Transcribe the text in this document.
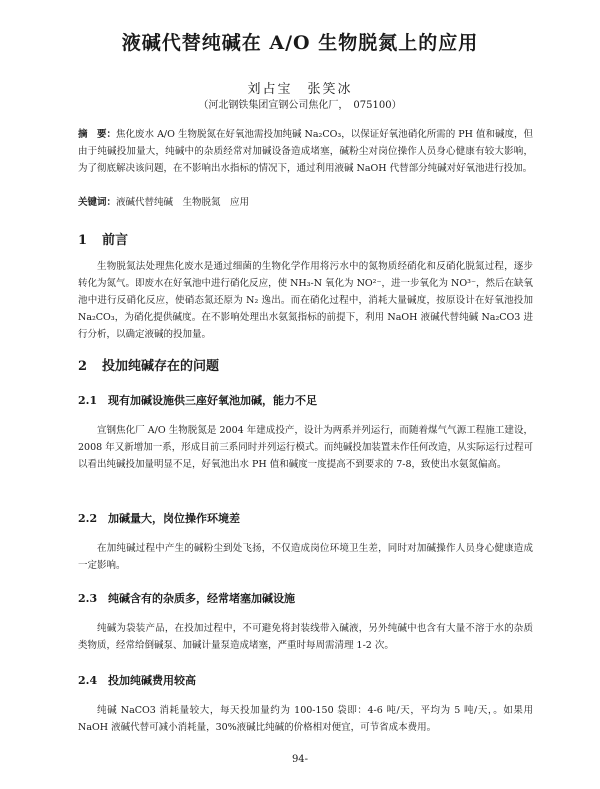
液碱代替纯碱在 A/O 生物脱氮上的应用
刘占宝　张笑冰
（河北钢铁集团宣钢公司焦化厂，　075100）
摘　要：焦化废水 A/O 生物脱氮在好氧池需投加纯碱 Na₂CO₃，以保证好氧池硝化所需的 PH 值和碱度，但由于纯碱投加量大，纯碱中的杂质经常对加碱设备造成堵塞，碱粉尘对岗位操作人员身心健康有较大影响，为了彻底解决该问题，在不影响出水指标的情况下，通过利用液碱 NaOH 代替部分纯碱对好氧池进行投加。
关键词：液碱代替纯碱　生物脱氮　应用
1 前言
生物脱氮法处理焦化废水是通过细菌的生物化学作用将污水中的氮物质经硝化和反硝化脱氮过程，逐步转化为氮气。即废水在好氧池中进行硝化反应，使 NH₃-N 氧化为 NO²⁻，进一步氧化为 NO³⁻，然后在缺氧池中进行反硝化反应，使硝态氮还原为 N₂ 逸出。而在硝化过程中，消耗大量碱度，按原设计在好氧池投加 Na₂CO₃，为硝化提供碱度。在不影响处理出水氨氮指标的前提下，利用 NaOH 液碱代替纯碱 Na₂CO3 进行分析，以确定液碱的投加量。
2 投加纯碱存在的问题
2.1 现有加碱设施供三座好氧池加碱，能力不足
宣钢焦化厂 A/O 生物脱氮是 2004 年建成投产，设计为两系并列运行，而随着煤气气源工程施工建设，2008 年又新增加一系，形成目前三系同时并列运行模式。而纯碱投加装置未作任何改造，从实际运行过程可以看出纯碱投加量明显不足，好氧池出水 PH 值和碱度一度提高不到要求的 7-8，致使出水氨氮偏高。
2.2 加碱量大，岗位操作环境差
在加纯碱过程中产生的碱粉尘到处飞扬，不仅造成岗位环境卫生差，同时对加碱操作人员身心健康造成一定影响。
2.3 纯碱含有的杂质多，经常堵塞加碱设施
纯碱为袋装产品，在投加过程中，不可避免将封装线带入碱液，另外纯碱中也含有大量不溶于水的杂质类物质，经常给倒碱泵、加碱计量泵造成堵塞，严重时每周需清理 1-2 次。
2.4 投加纯碱费用较高
纯碱 NaCO3 消耗量较大，每天投加量约为 100-150 袋即：4-6 吨/天，平均为 5 吨/天，。如果用 NaOH 液碱代替可减小消耗量，30%液碱比纯碱的价格相对便宜，可节省成本费用。
94-
